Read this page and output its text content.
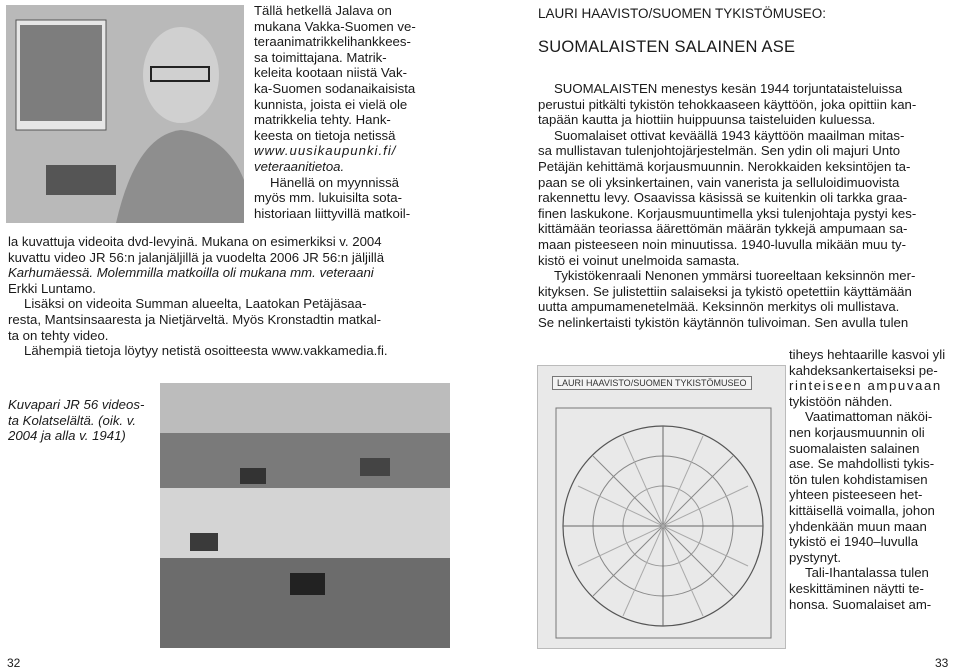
Tällä hetkellä Jalava on

mukana Vakka-Suomen ve-

teraanimatrikkelihankkees-

sa toimittajana. Matrik-

keleita kootaan niistä Vak-

ka-Suomen sodanaikaisista

kunnista, joista ei vielä ole

matrikkelia tehty. Hank-

keesta on tietoja netissä

www.uusikaupunki.fi/

veteraanitietoa.

Hänellä on myynnissä

myös mm. lukuisilta sota-

historiaan liittyvillä matkoil-

la kuvattuja videoita dvd-levyinä. Mukana on esimerkiksi v. 2004

kuvattu video JR 56:n jalanjäljillä ja vuodelta 2006 JR 56:n jäljillä

Karhumäessä. Molemmilla matkoilla oli mukana mm. veteraani

Erkki Luntamo.

Lisäksi on videoita Summan alueelta, Laatokan Petäjäsaa-

resta, Mantsinsaaresta ja Nietjärveltä. Myös Kronstadtin matkal-

ta on tehty video.

Lähempiä tietoja löytyy netistä osoitteesta www.vakkamedia.fi.

Kuvapari JR 56 videos-

ta Kolatselältä. (oik. v.

2004 ja alla v. 1941)

32
LAURI HAAVISTO/SUOMEN TYKISTÖMUSEO:
SUOMALAISTEN SALAINEN ASE

SUOMALAISTEN menestys kesän 1944 torjuntataisteluissa

perustui pitkälti tykistön tehokkaaseen käyttöön, joka opittiin kan-

tapään kautta ja hiottiin huippuunsa taisteluiden kuluessa.

Suomalaiset ottivat keväällä 1943 käyttöön maailman mitas-

sa mullistavan tulenjohtojärjestelmän. Sen ydin oli majuri Unto

Petäjän kehittämä korjausmuunnin. Nerokkaiden keksintöjen ta-

paan se oli yksinkertainen, vain vanerista ja selluloidimuovista

rakennettu levy. Osaavissa käsissä se kuitenkin oli tarkka graa-

finen laskukone. Korjausmuuntimella yksi tulenjohtaja pystyi kes-

kittämään teoriassa äärettömän määrän tykkejä ampumaan sa-

maan pisteeseen noin minuutissa. 1940-luvulla mikään muu ty-

kistö ei voinut unelmoida samasta.

Tykistökenraali Nenonen ymmärsi tuoreeltaan keksinnön mer-

kityksen. Se julistettiin salaiseksi ja tykistö opetettiin käyttämään

uutta ampumamenetelmää. Keksinnön merkitys oli mullistava.

Se nelinkertaisti tykistön käytännön tulivoiman. Sen avulla tulen

LAURI HAAVISTO/SUOMEN TYKISTÖMUSEO

tiheys hehtaarille kasvoi yli

kahdeksankertaiseksi pe-

rinteiseen ampuvaan

tykistöön nähden.

Vaatimattoman näköi-

nen korjausmuunnin oli

suomalaisten salainen

ase. Se mahdollisti tykis-

tön tulen kohdistamisen

yhteen pisteeseen het-

kittäisellä voimalla, johon

yhdenkään muun maan

tykistö ei 1940–luvulla

pystynyt.

Tali-Ihantalassa tulen

keskittäminen näytti te-

honsa. Suomalaiset am-

33
